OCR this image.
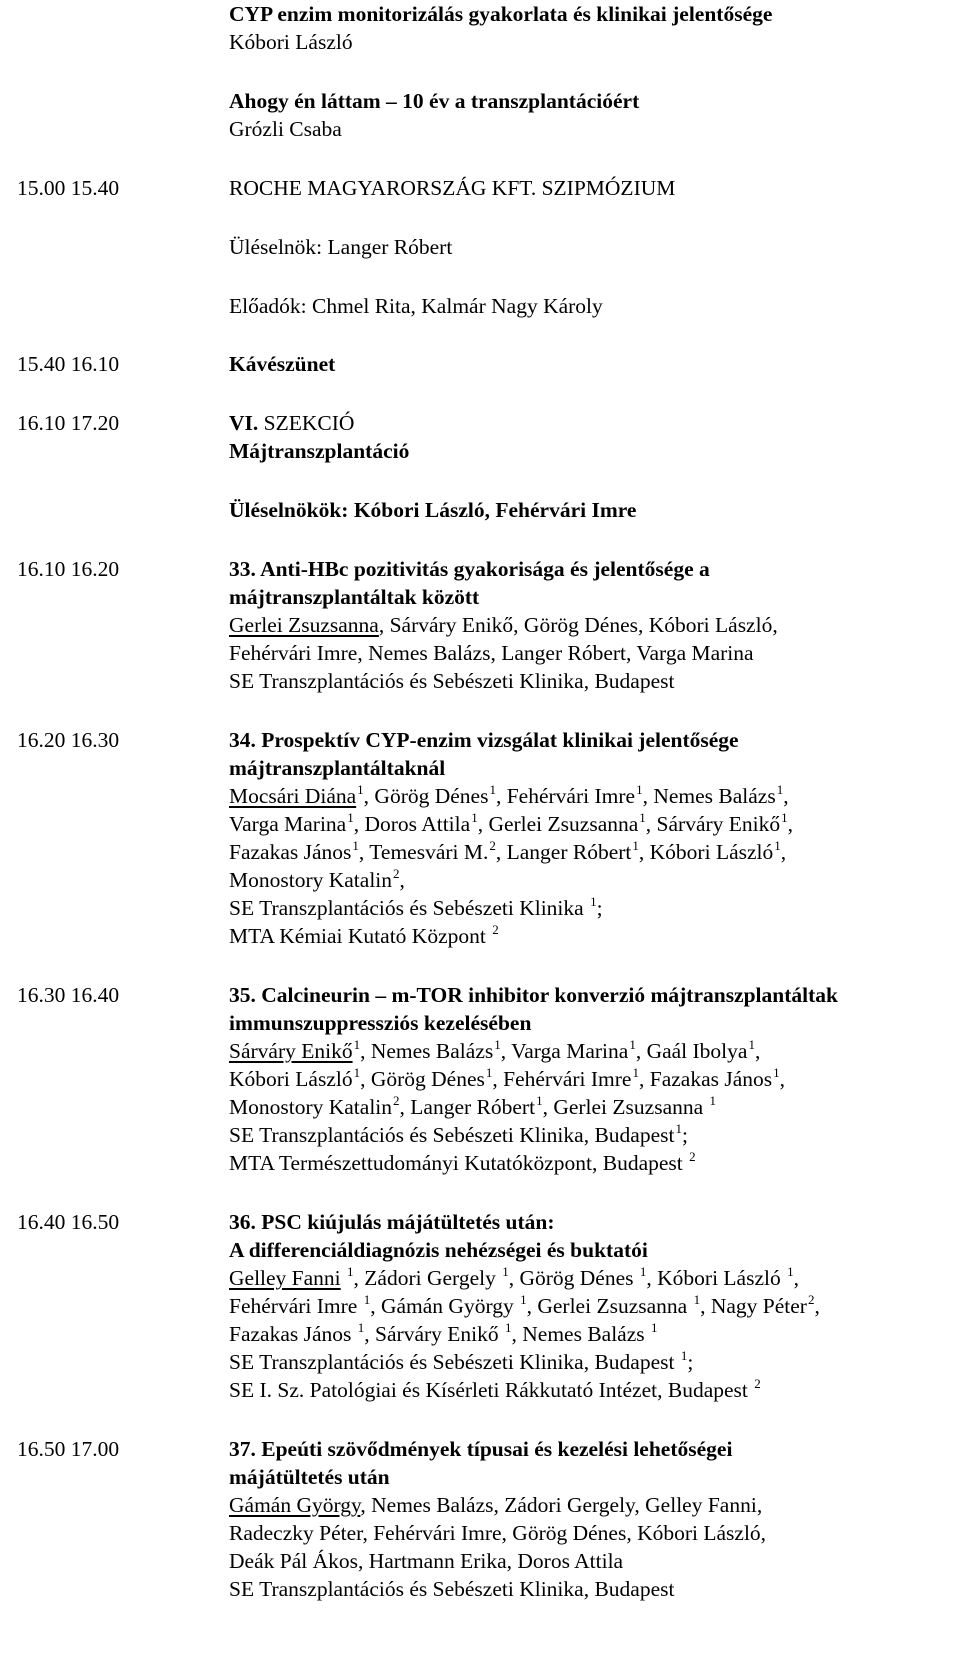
CYP enzim monitorizálás gyakorlata és klinikai jelentősége
Kóbori László
Ahogy én láttam – 10 év a transzplantációért
Grózli Csaba
15.00 15.40	ROCHE MAGYARORSZÁG KFT. SZIPMÓZIUM
Üléselnök: Langer Róbert
Előadók: Chmel Rita, Kalmár Nagy Károly
15.40 16.10	Kávészünet
16.10 17.20	VI. SZEKCIÓ
Májtranszplantáció
Üléselnökök: Kóbori László, Fehérvári Imre
16.10 16.20	33. Anti-HBc pozitivitás gyakorisága és jelentősége a
májtranszplantáltak között
Gerlei Zsuzsanna, Sárváry Enikő, Görög Dénes, Kóbori László,
Fehérvári Imre, Nemes Balázs, Langer Róbert, Varga Marina
SE Transzplantációs és Sebészeti Klinika, Budapest
16.20 16.30	34. Prospektív CYP-enzim vizsgálat klinikai jelentősége
májtranszplantáltaknál
Mocsári Diána$^1$, Görög Dénes$^1$, Fehérvári Imre$^1$, Nemes Balázs$^1$,
Varga Marina$^1$, Doros Attila$^1$, Gerlei Zsuzsanna$^1$, Sárváry Enikő$^1$,
Fazakas János$^1$, Temesvári M.$^2$, Langer Róbert$^1$, Kóbori László$^1$,
Monostory Katalin$^2$,
SE Transzplantációs és Sebészeti Klinika $^1$;
MTA Kémiai Kutató Központ $^2$
16.30 16.40	35. Calcineurin – m-TOR inhibitor konverzió májtranszplantáltak
immunszuppressziós kezelésében
Sárváry Enikő$^1$, Nemes Balázs$^1$, Varga Marina$^1$, Gaál Ibolya$^1$,
Kóbori László$^1$, Görög Dénes$^1$, Fehérvári Imre$^1$, Fazakas János$^1$,
Monostory Katalin$^2$, Langer Róbert$^1$, Gerlei Zsuzsanna $^1$
SE Transzplantációs és Sebészeti Klinika, Budapest$^1$;
MTA Természettudományi Kutatóközpont, Budapest $^2$
16.40 16.50	36. PSC kiújulás májátültetés után:
A differenciáldiagnózis nehézségei és buktatói
Gelley Fanni $^1$, Zádori Gergely $^1$, Görög Dénes $^1$, Kóbori László $^1$,
Fehérvári Imre $^1$, Gámán György $^1$, Gerlei Zsuzsanna $^1$, Nagy Péter$^2$,
Fazakas János $^1$, Sárváry Enikő $^1$, Nemes Balázs $^1$
SE Transzplantációs és Sebészeti Klinika, Budapest $^1$;
SE I. Sz. Patológiai és Kísérleti Rákkutató Intézet, Budapest $^2$
16.50 17.00	37. Epeúti szövődmények típusai és kezelési lehetőségei
májátültetés után
Gámán György, Nemes Balázs, Zádori Gergely, Gelley Fanni,
Radeczky Péter, Fehérvári Imre, Görög Dénes, Kóbori László,
Deák Pál Ákos, Hartmann Erika, Doros Attila
SE Transzplantációs és Sebészeti Klinika, Budapest
